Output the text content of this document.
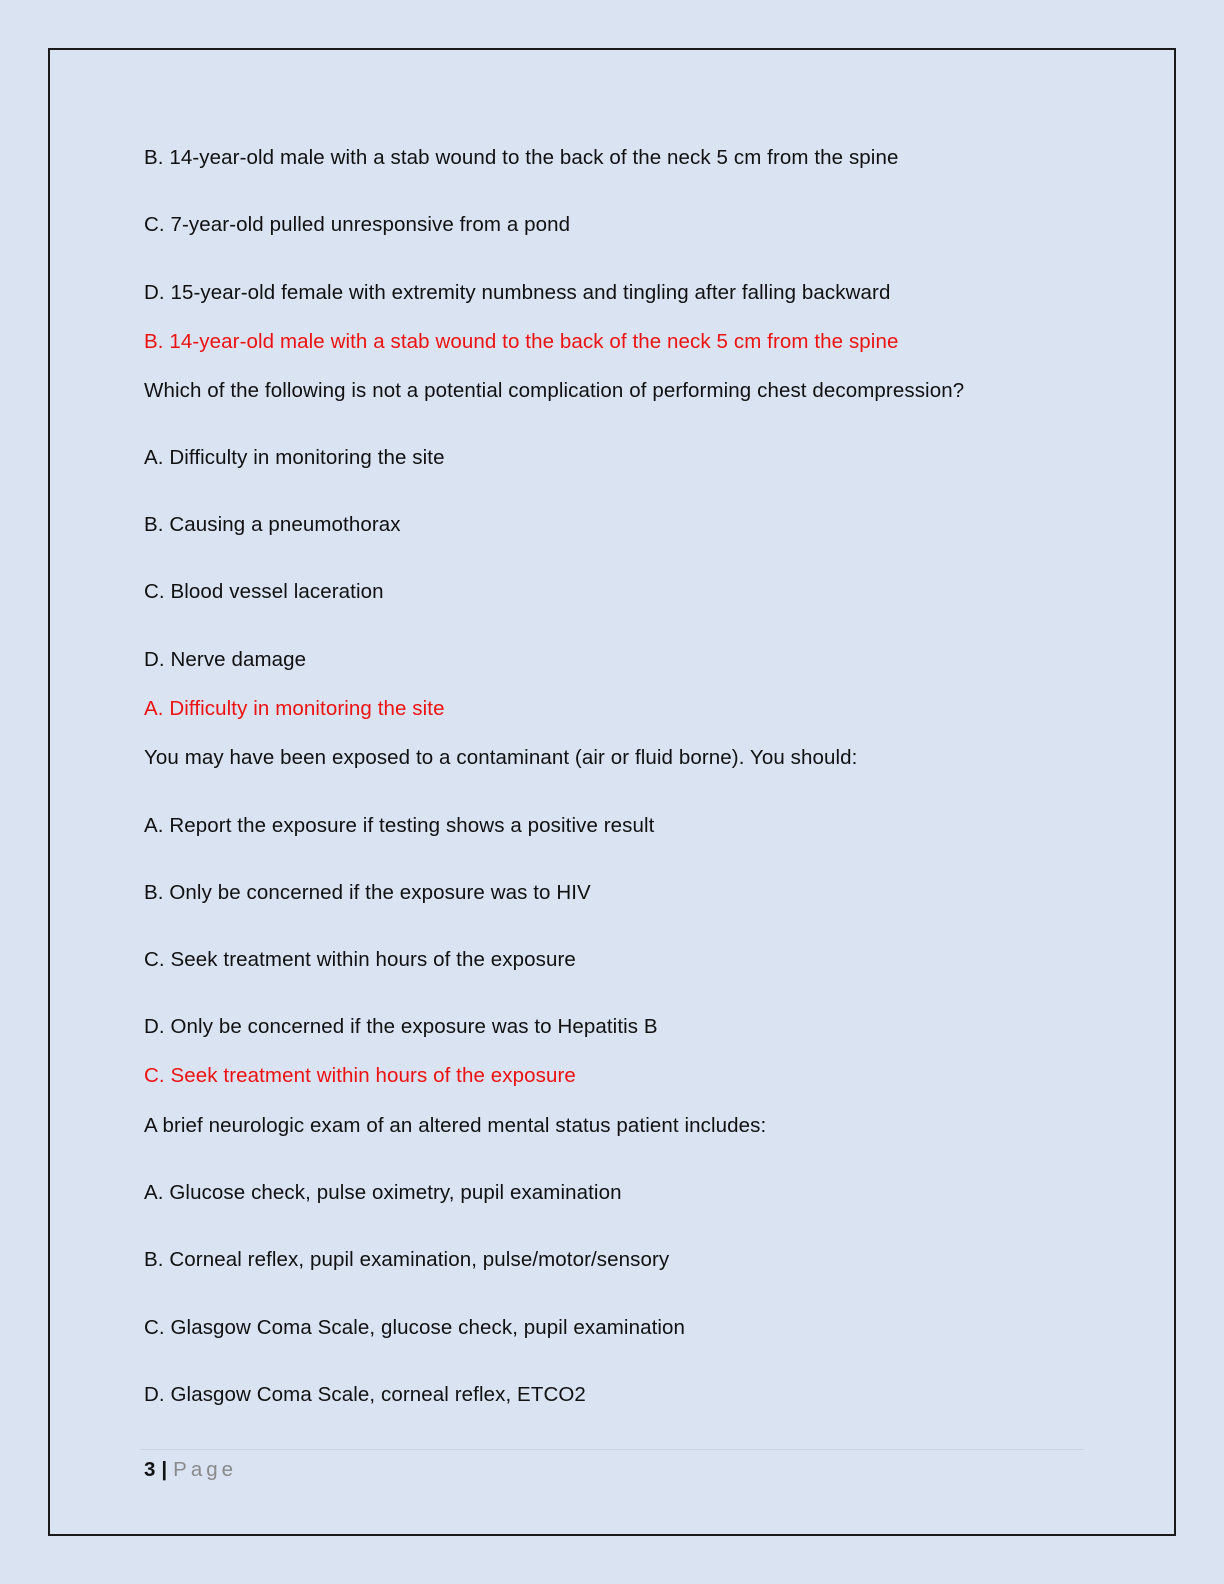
B. 14-year-old male with a stab wound to the back of the neck 5 cm from the spine
C. 7-year-old pulled unresponsive from a pond
D. 15-year-old female with extremity numbness and tingling after falling backward
B. 14-year-old male with a stab wound to the back of the neck 5 cm from the spine
Which of the following is not a potential complication of performing chest decompression?
A. Difficulty in monitoring the site
B. Causing a pneumothorax
C. Blood vessel laceration
D. Nerve damage
A. Difficulty in monitoring the site
You may have been exposed to a contaminant (air or fluid borne). You should:
A. Report the exposure if testing shows a positive result
B. Only be concerned if the exposure was to HIV
C. Seek treatment within hours of the exposure
D. Only be concerned if the exposure was to Hepatitis B
C. Seek treatment within hours of the exposure
A brief neurologic exam of an altered mental status patient includes:
A. Glucose check, pulse oximetry, pupil examination
B. Corneal reflex, pupil examination, pulse/motor/sensory
C. Glasgow Coma Scale, glucose check, pupil examination
D. Glasgow Coma Scale, corneal reflex, ETCO2
3 | Page
